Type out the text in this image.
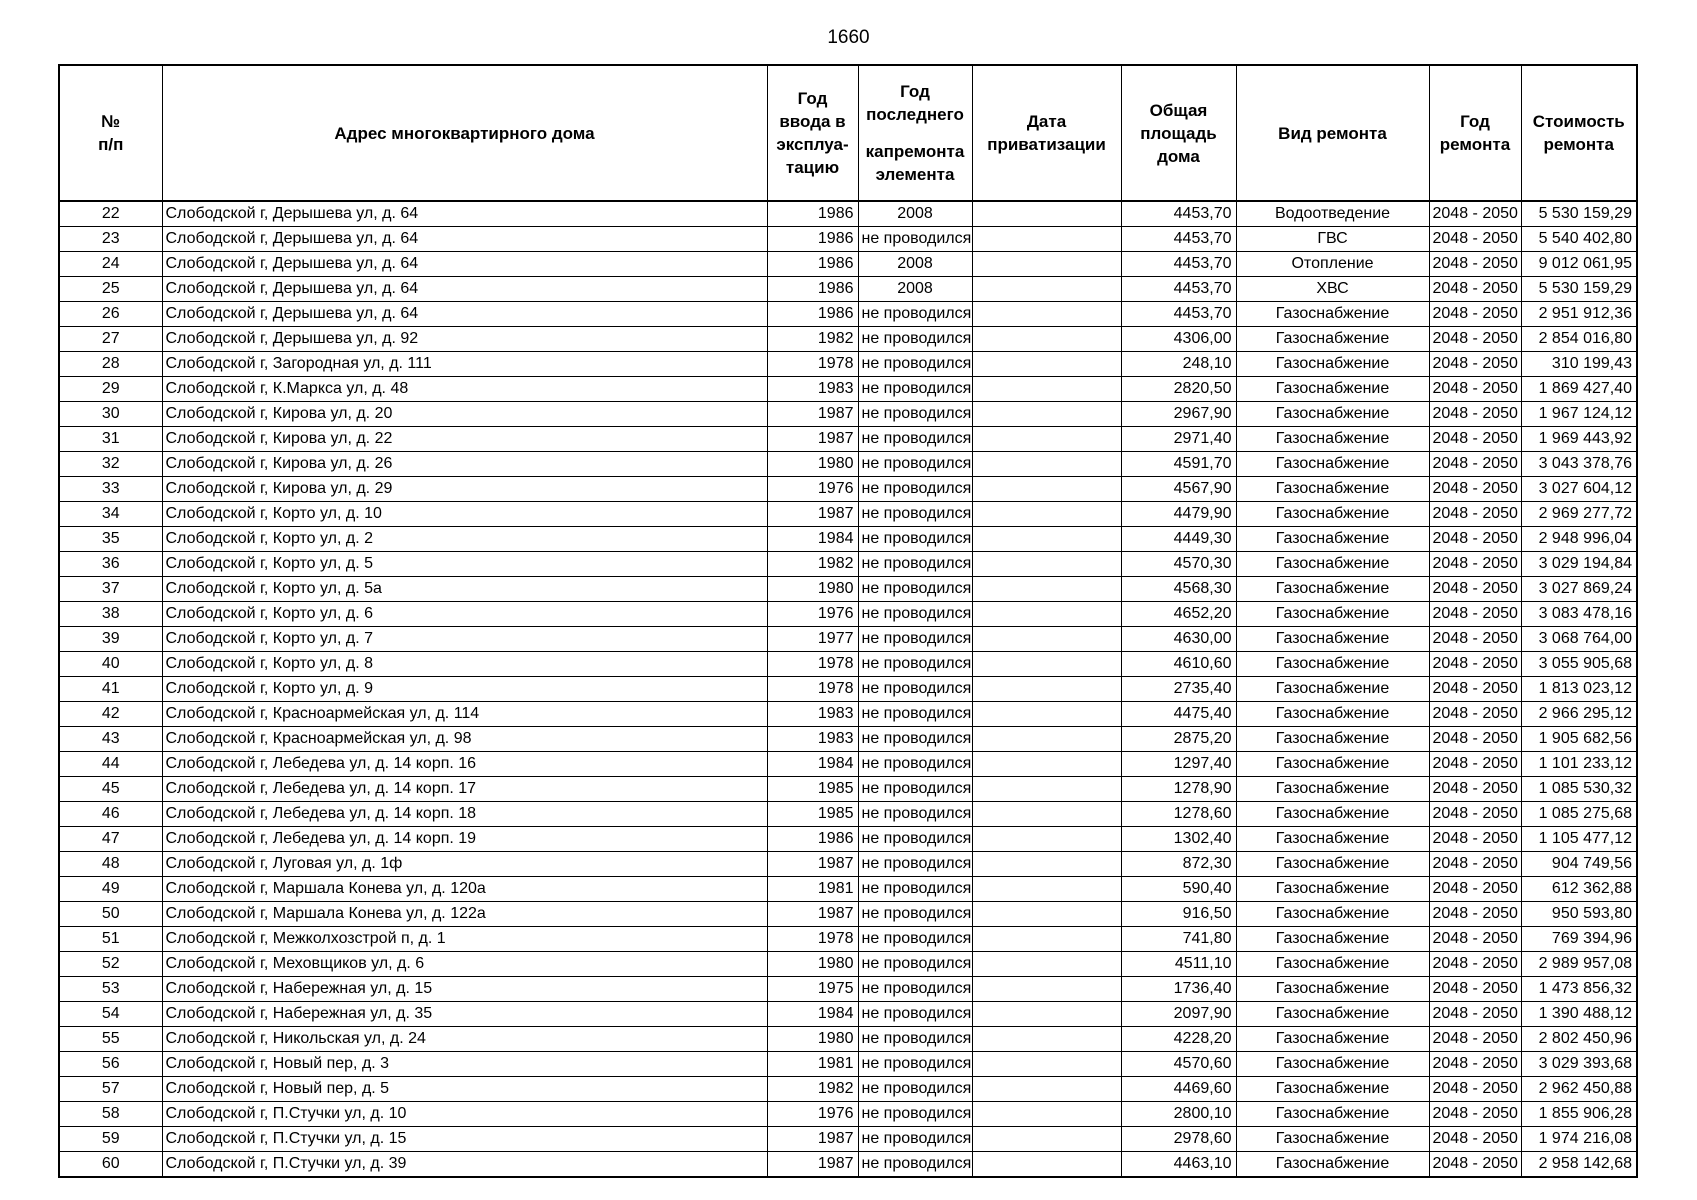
1660
№
п/п	Адрес многоквартирного дома	Год
ввода в
эксплуа-
тацию	Год
последнего
капремонта
элемента	Дата
приватизации	Общая
площадь
дома	Вид ремонта	Год
ремонта	Стоимость
ремонта

22	Слободской г, Дерышева ул, д. 64	1986	2008		4453,70	Водоотведение	2048 - 2050	5 530 159,29
23	Слободской г, Дерышева ул, д. 64	1986	не проводился		4453,70	ГВС	2048 - 2050	5 540 402,80
24	Слободской г, Дерышева ул, д. 64	1986	2008		4453,70	Отопление	2048 - 2050	9 012 061,95
25	Слободской г, Дерышева ул, д. 64	1986	2008		4453,70	ХВС	2048 - 2050	5 530 159,29
26	Слободской г, Дерышева ул, д. 64	1986	не проводился		4453,70	Газоснабжение	2048 - 2050	2 951 912,36
27	Слободской г, Дерышева ул, д. 92	1982	не проводился		4306,00	Газоснабжение	2048 - 2050	2 854 016,80
28	Слободской г, Загородная ул, д. 111	1978	не проводился		248,10	Газоснабжение	2048 - 2050	310 199,43
29	Слободской г, К.Маркса ул, д. 48	1983	не проводился		2820,50	Газоснабжение	2048 - 2050	1 869 427,40
30	Слободской г, Кирова ул, д. 20	1987	не проводился		2967,90	Газоснабжение	2048 - 2050	1 967 124,12
31	Слободской г, Кирова ул, д. 22	1987	не проводился		2971,40	Газоснабжение	2048 - 2050	1 969 443,92
32	Слободской г, Кирова ул, д. 26	1980	не проводился		4591,70	Газоснабжение	2048 - 2050	3 043 378,76
33	Слободской г, Кирова ул, д. 29	1976	не проводился		4567,90	Газоснабжение	2048 - 2050	3 027 604,12
34	Слободской г, Корто ул, д. 10	1987	не проводился		4479,90	Газоснабжение	2048 - 2050	2 969 277,72
35	Слободской г, Корто ул, д. 2	1984	не проводился		4449,30	Газоснабжение	2048 - 2050	2 948 996,04
36	Слободской г, Корто ул, д. 5	1982	не проводился		4570,30	Газоснабжение	2048 - 2050	3 029 194,84
37	Слободской г, Корто ул, д. 5а	1980	не проводился		4568,30	Газоснабжение	2048 - 2050	3 027 869,24
38	Слободской г, Корто ул, д. 6	1976	не проводился		4652,20	Газоснабжение	2048 - 2050	3 083 478,16
39	Слободской г, Корто ул, д. 7	1977	не проводился		4630,00	Газоснабжение	2048 - 2050	3 068 764,00
40	Слободской г, Корто ул, д. 8	1978	не проводился		4610,60	Газоснабжение	2048 - 2050	3 055 905,68
41	Слободской г, Корто ул, д. 9	1978	не проводился		2735,40	Газоснабжение	2048 - 2050	1 813 023,12
42	Слободской г, Красноармейская ул, д. 114	1983	не проводился		4475,40	Газоснабжение	2048 - 2050	2 966 295,12
43	Слободской г, Красноармейская ул, д. 98	1983	не проводился		2875,20	Газоснабжение	2048 - 2050	1 905 682,56
44	Слободской г, Лебедева ул, д. 14 корп. 16	1984	не проводился		1297,40	Газоснабжение	2048 - 2050	1 101 233,12
45	Слободской г, Лебедева ул, д. 14 корп. 17	1985	не проводился		1278,90	Газоснабжение	2048 - 2050	1 085 530,32
46	Слободской г, Лебедева ул, д. 14 корп. 18	1985	не проводился		1278,60	Газоснабжение	2048 - 2050	1 085 275,68
47	Слободской г, Лебедева ул, д. 14 корп. 19	1986	не проводился		1302,40	Газоснабжение	2048 - 2050	1 105 477,12
48	Слободской г, Луговая ул, д. 1ф	1987	не проводился		872,30	Газоснабжение	2048 - 2050	904 749,56
49	Слободской г, Маршала Конева ул, д. 120а	1981	не проводился		590,40	Газоснабжение	2048 - 2050	612 362,88
50	Слободской г, Маршала Конева ул, д. 122а	1987	не проводился		916,50	Газоснабжение	2048 - 2050	950 593,80
51	Слободской г, Межколхозстрой п, д. 1	1978	не проводился		741,80	Газоснабжение	2048 - 2050	769 394,96
52	Слободской г, Меховщиков ул, д. 6	1980	не проводился		4511,10	Газоснабжение	2048 - 2050	2 989 957,08
53	Слободской г, Набережная ул, д. 15	1975	не проводился		1736,40	Газоснабжение	2048 - 2050	1 473 856,32
54	Слободской г, Набережная ул, д. 35	1984	не проводился		2097,90	Газоснабжение	2048 - 2050	1 390 488,12
55	Слободской г, Никольская ул, д. 24	1980	не проводился		4228,20	Газоснабжение	2048 - 2050	2 802 450,96
56	Слободской г, Новый пер, д. 3	1981	не проводился		4570,60	Газоснабжение	2048 - 2050	3 029 393,68
57	Слободской г, Новый пер, д. 5	1982	не проводился		4469,60	Газоснабжение	2048 - 2050	2 962 450,88
58	Слободской г, П.Стучки ул, д. 10	1976	не проводился		2800,10	Газоснабжение	2048 - 2050	1 855 906,28
59	Слободской г, П.Стучки ул, д. 15	1987	не проводился		2978,60	Газоснабжение	2048 - 2050	1 974 216,08
60	Слободской г, П.Стучки ул, д. 39	1987	не проводился		4463,10	Газоснабжение	2048 - 2050	2 958 142,68
